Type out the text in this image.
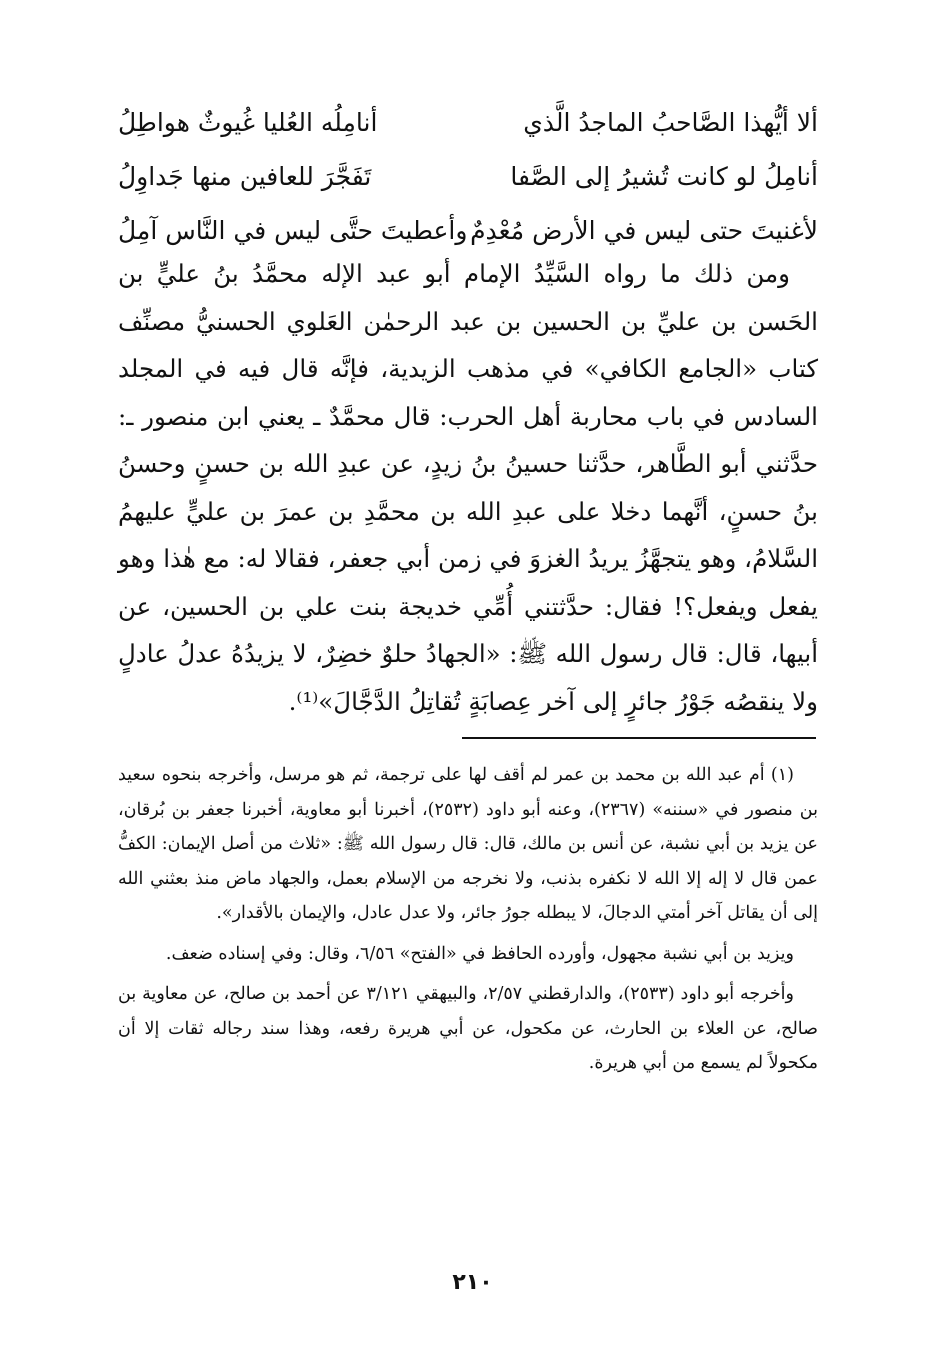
ألا أيُّهذا الصَّاحبُ الماجدُ الَّذي
أنامِلُه العُليا غُيوثٌ هواطِلُ
أنامِلُ لو كانت تُشيرُ إلى الصَّفا
تَفَجَّرَ للعافين منها جَداوِلُ
لأغنيتَ حتى ليس في الأرض مُعْدِمٌ
وأعطيتَ حتَّى ليس في النَّاس آمِلُ

ومن ذلك ما رواه السَّيِّدُ الإمام أبو عبد الإله محمَّدُ بنُ عليٍّ بن الحَسن بن عليِّ بن الحسين بن عبد الرحمٰن العَلوي الحسنيُّ مصنِّف كتاب «الجامع الكافي» في مذهب الزيدية، فإنَّه قال فيه في المجلد السادس في باب محاربة أهل الحرب: قال محمَّدٌ ـ يعني ابن منصور ـ: حدَّثني أبو الطَّاهر، حدَّثنا حسينُ بنُ زيدٍ، عن عبدِ الله بن حسنٍ وحسنُ بنُ حسنٍ، أنَّهما دخلا على عبدِ الله بن محمَّدِ بن عمرَ بن عليٍّ عليهمُ السَّلامُ، وهو يتجهَّزُ يريدُ الغزوَ في زمن أبي جعفر، فقالا له: مع هٰذا وهو يفعل ويفعل؟! فقال: حدَّثتني أُمِّي خديجة بنت علي بن الحسين، عن أبيها، قال: قال رسول الله ﷺ: «الجهادُ حلوٌ خضِرٌ، لا يزيدُهُ عدلُ عادلٍ ولا ينقصُه جَوْرُ جائرٍ إلى آخر عِصابَةٍ تُقاتِلُ الدَّجَّالَ»⁽¹⁾.

(١) أم عبد الله بن محمد بن عمر لم أقف لها على ترجمة، ثم هو مرسل، وأخرجه بنحوه سعيد بن منصور في «سننه» (٢٣٦٧)، وعنه أبو داود (٢٥٣٢)، أخبرنا أبو معاوية، أخبرنا جعفر بن بُرقان، عن يزيد بن أبي نشبة، عن أنس بن مالك، قال: قال رسول الله ﷺ: «ثلاث من أصل الإيمان: الكفُّ عمن قال لا إله إلا الله لا نكفره بذنب، ولا نخرجه من الإسلام بعمل، والجهاد ماض منذ بعثني الله إلى أن يقاتل آخر أمتي الدجالَ، لا يبطله جورُ جائر، ولا عدل عادل، والإيمان بالأقدار».

ويزيد بن أبي نشبة مجهول، وأورده الحافظ في «الفتح» ٦/٥٦، وقال: وفي إسناده ضعف.

وأخرجه أبو داود (٢٥٣٣)، والدارقطني ٢/٥٧، والبيهقي ٣/١٢١ عن أحمد بن صالح، عن معاوية بن صالح، عن العلاء بن الحارث، عن مكحول، عن أبي هريرة رفعه، وهذا سند رجاله ثقات إلا أن مكحولاً لم يسمع من أبي هريرة.

٢١٠
